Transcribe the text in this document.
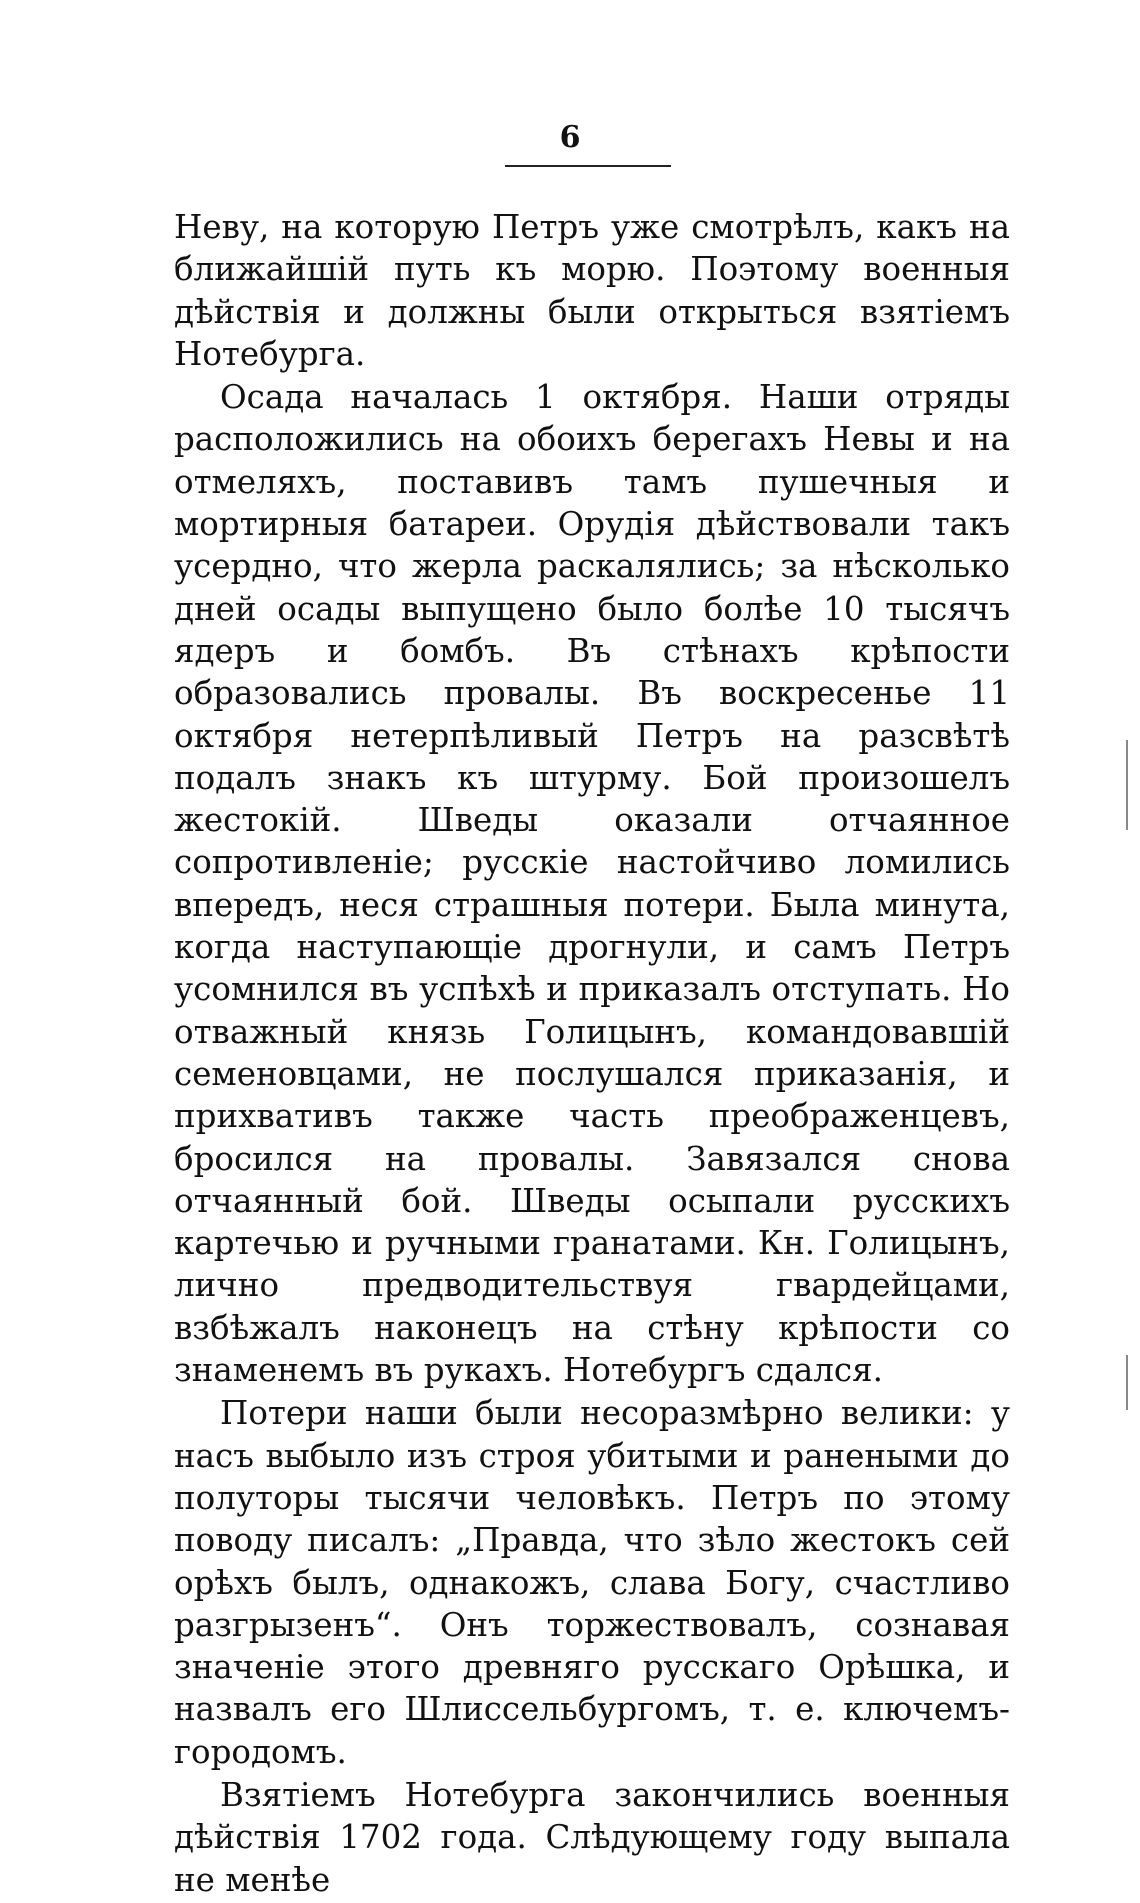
6

Неву, на которую Петръ уже смотрѣлъ, какъ на ближайшій путь къ морю. Поэтому военныя дѣйствія и должны были открыться взятіемъ Нотебурга.

Осада началась 1 октября. Наши отряды расположились на обоихъ берегахъ Невы и на отмеляхъ, поставивъ тамъ пушечныя и мортирныя батареи. Орудія дѣйствовали такъ усердно, что жерла раскалялись; за нѣсколько дней осады выпущено было болѣе 10 тысячъ ядеръ и бомбъ. Въ стѣнахъ крѣпости образовались провалы. Въ воскресенье 11 октября нетерпѣливый Петръ на разсвѣтѣ подалъ знакъ къ штурму. Бой произошелъ жестокій. Шведы оказали отчаянное сопротивленіе; русскіе настойчиво ломились впередъ, неся страшныя потери. Была минута, когда наступающіе дрогнули, и самъ Петръ усомнился въ успѣхѣ и приказалъ отступать. Но отважный князь Голицынъ, командовавшій семеновцами, не послушался приказанія, и прихвативъ также часть преображенцевъ, бросился на провалы. Завязался снова отчаянный бой. Шведы осыпали русскихъ картечью и ручными гранатами. Кн. Голицынъ, лично предводительствуя гвардейцами, взбѣжалъ наконецъ на стѣну крѣпости со знаменемъ въ рукахъ. Нотебургъ сдался.

Потери наши были несоразмѣрно велики: у насъ выбыло изъ строя убитыми и ранеными до полуторы тысячи человѣкъ. Петръ по этому поводу писалъ: „Правда, что зѣло жестокъ сей орѣхъ былъ, однакожъ, слава Богу, счастливо разгрызенъ“. Онъ торжествовалъ, сознавая значеніе этого древняго русскаго Орѣшка, и назвалъ его Шлиссельбургомъ, т. е. ключемъ-городомъ.

Взятіемъ Нотебурга закончились военныя дѣйствія 1702 года. Слѣдующему году выпала не менѣе
